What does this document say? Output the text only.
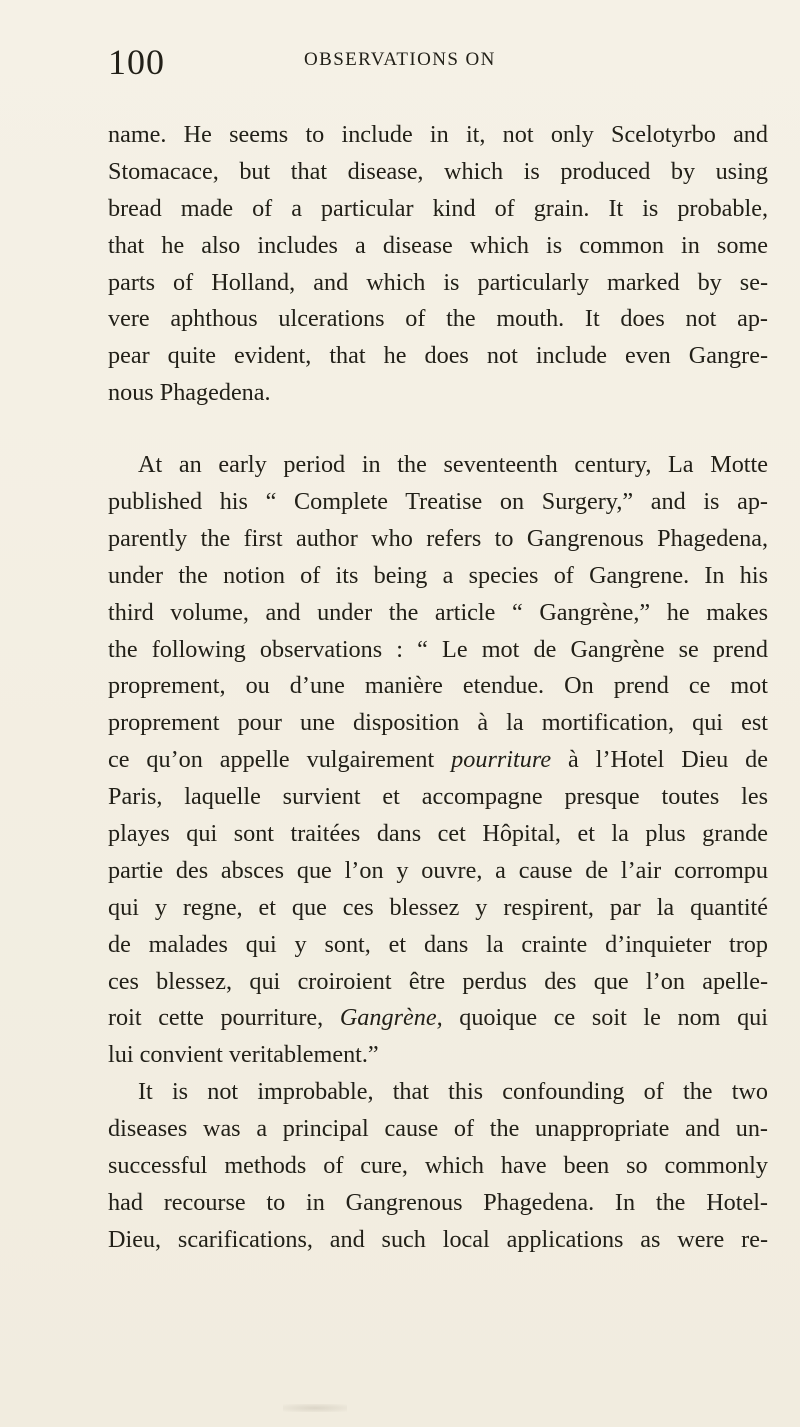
100	OBSERVATIONS ON
name. He seems to include in it, not only Scelotyrbo and
Stomacace, but that disease, which is produced by using
bread made of a particular kind of grain. It is probable,
that he also includes a disease which is common in some
parts of Holland, and which is particularly marked by se-
vere aphthous ulcerations of the mouth. It does not ap-
pear quite evident, that he does not include even Gangre-
nous Phagedena.
At an early period in the seventeenth century, La Motte
published his “ Complete Treatise on Surgery,” and is ap-
parently the first author who refers to Gangrenous Phagedena,
under the notion of its being a species of Gangrene. In his
third volume, and under the article “ Gangrène,” he makes
the following observations : “ Le mot de Gangrène se prend
proprement, ou d’une manière etendue. On prend ce mot
proprement pour une disposition à la mortification, qui est
ce qu’on appelle vulgairement pourriture à l’Hotel Dieu de
Paris, laquelle survient et accompagne presque toutes les
playes qui sont traitées dans cet Hôpital, et la plus grande
partie des absces que l’on y ouvre, a cause de l’air corrompu
qui y regne, et que ces blessez y respirent, par la quantité
de malades qui y sont, et dans la crainte d’inquieter trop
ces blessez, qui croiroient être perdus des que l’on apelle-
roit cette pourriture, Gangrène, quoique ce soit le nom qui
lui convient veritablement.”
It is not improbable, that this confounding of the two
diseases was a principal cause of the unappropriate and un-
successful methods of cure, which have been so commonly
had recourse to in Gangrenous Phagedena. In the Hotel-
Dieu, scarifications, and such local applications as were re-
